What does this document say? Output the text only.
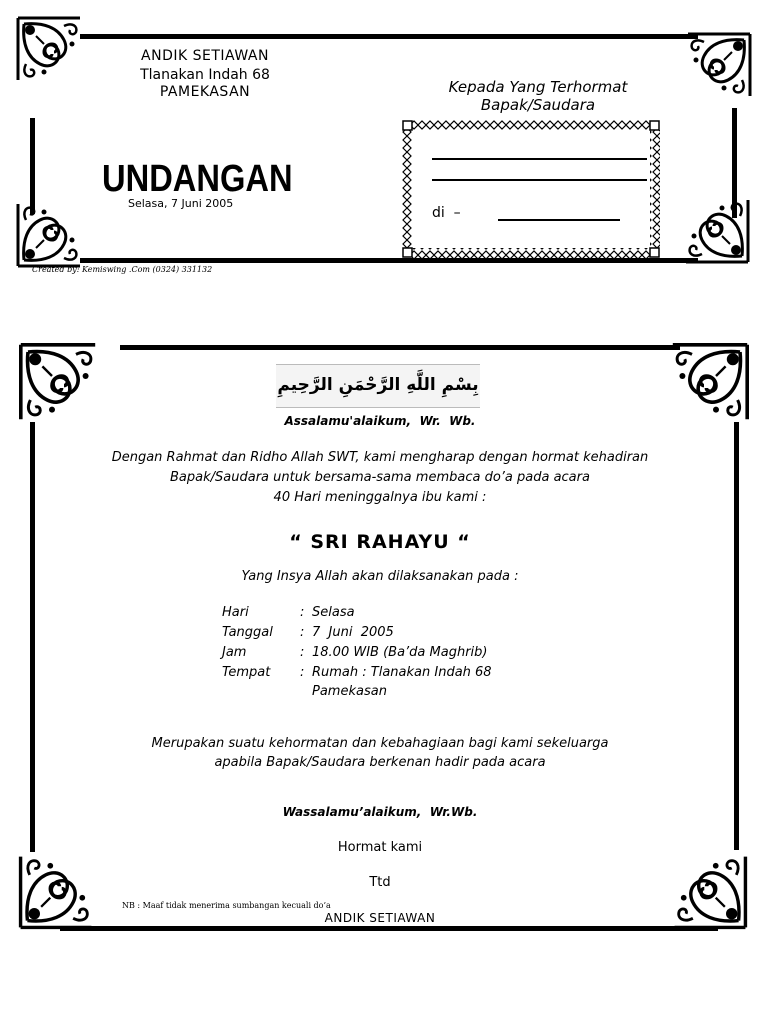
ANDIK SETIAWAN
Tlanakan Indah 68
PAMEKASAN
UNDANGAN
Selasa, 7 Juni 2005
Kepada Yang Terhormat
Bapak/Saudara
di  –
Created by: Kemiswing .Com (0324) 331132
بِسْمِ اللَّهِ الرَّحْمَنِ الرَّحِيمِ
Assalamu'alaikum,  Wr.  Wb.
Dengan Rahmat dan Ridho Allah SWT, kami mengharap dengan hormat kehadiran
Bapak/Saudara untuk bersama-sama membaca do’a pada acara
40 Hari meninggalnya ibu kami :
“ SRI RAHAYU “
Yang Insya Allah akan dilaksanakan pada :
Hari	: Selasa
Tanggal	: 7  Juni  2005
Jam	: 18.00 WIB (Ba’da Maghrib)
Tempat	: Rumah : Tlanakan Indah 68
Pamekasan
Merupakan suatu kehormatan dan kebahagiaan bagi kami sekeluarga
apabila Bapak/Saudara berkenan hadir pada acara
Wassalamu’alaikum,  Wr.Wb.
Hormat kami
Ttd
NB : Maaf tidak menerima sumbangan kecuali do’a
ANDIK SETIAWAN
